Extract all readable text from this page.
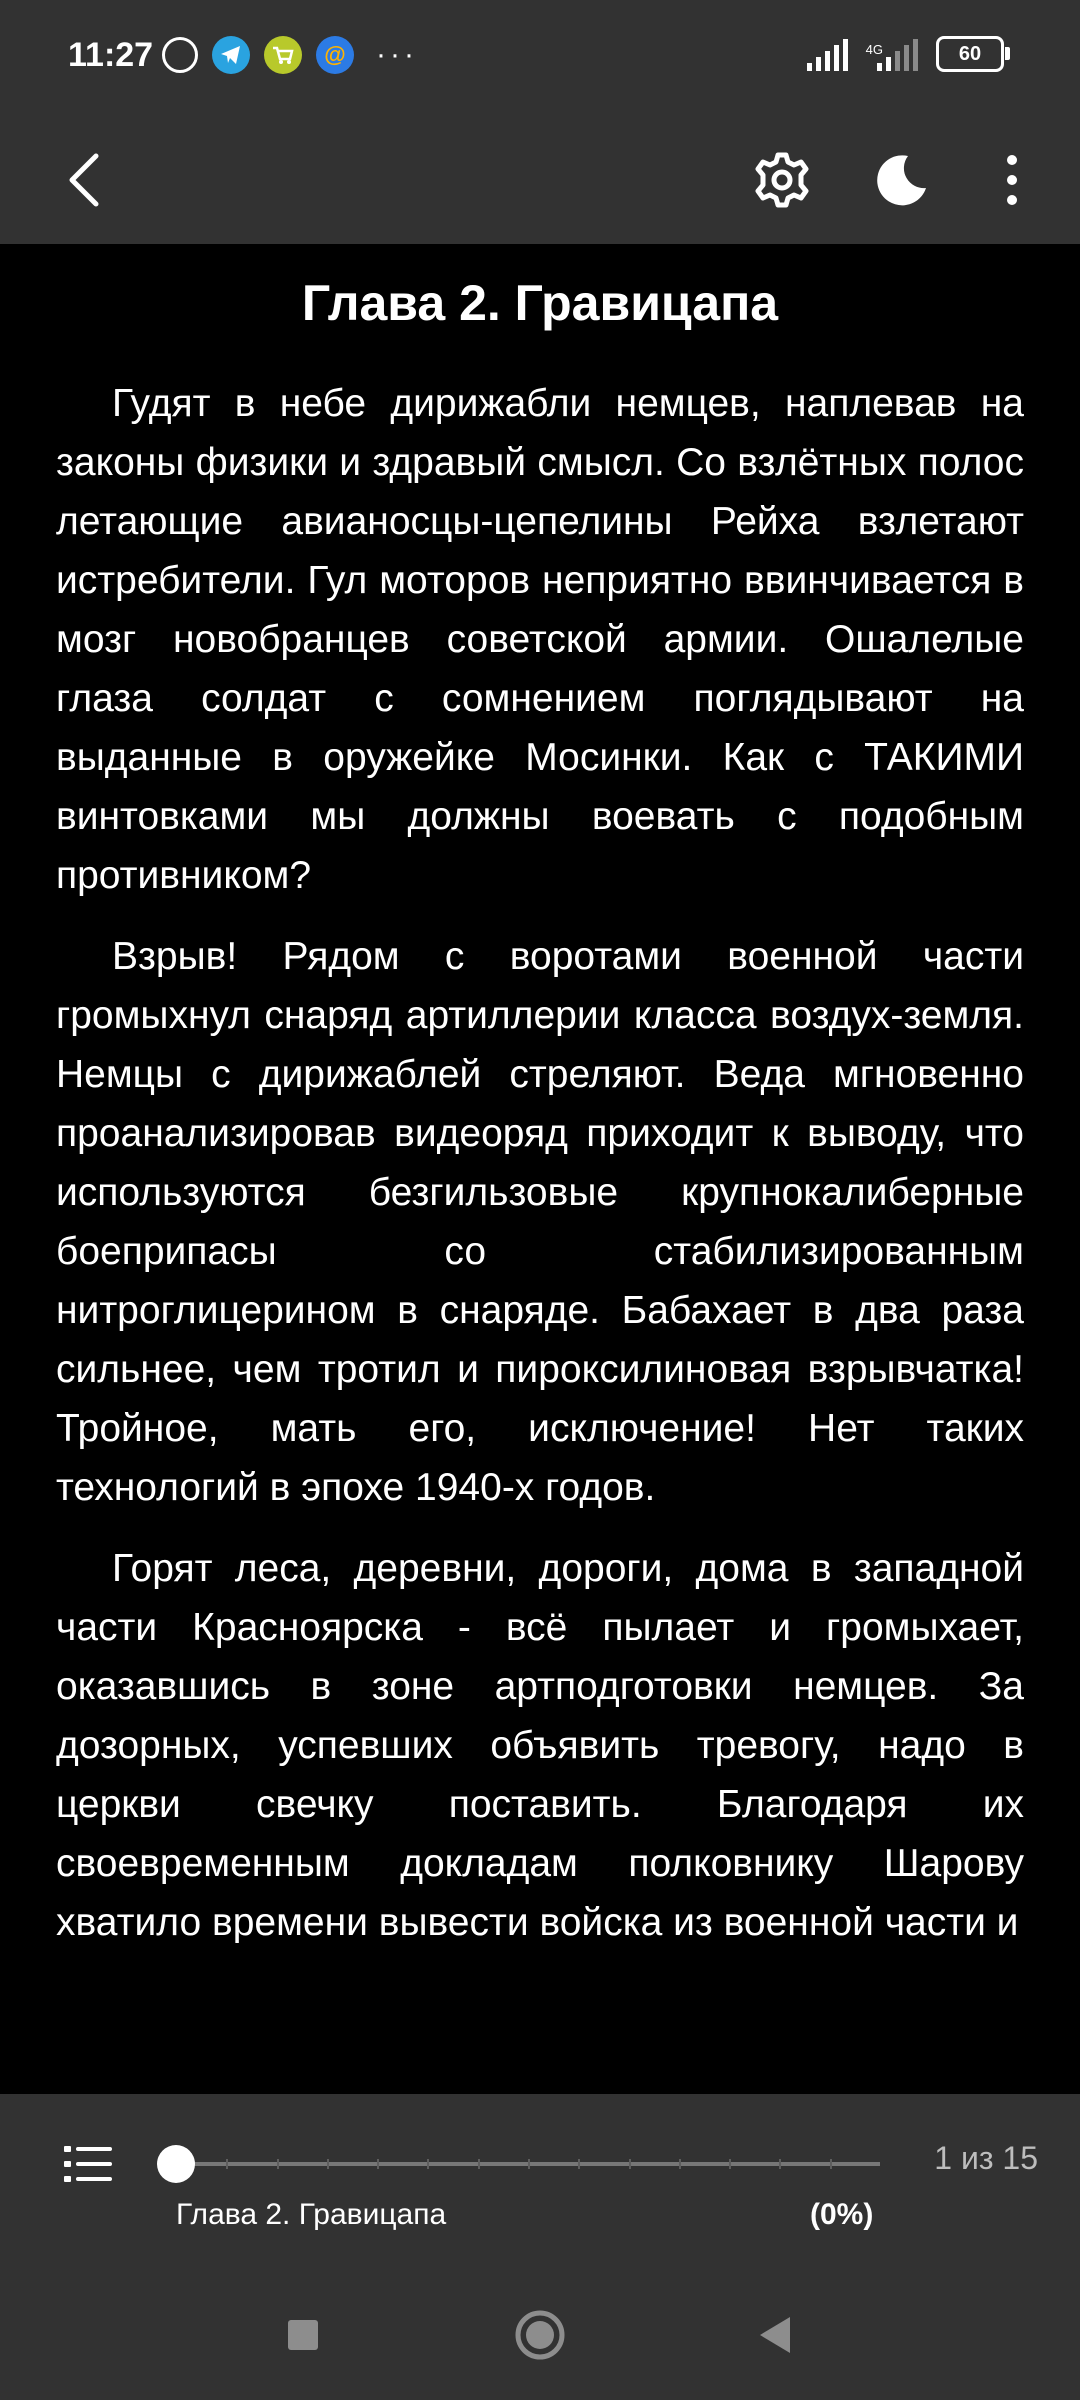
11:27	@ ···	4G	60
Глава 2. Гравицапа

Гудят в небе дирижабли немцев, наплевав на законы физики и здравый смысл. Со взлётных полос летающие авианосцы-цепелины Рейха взлетают истребители. Гул моторов неприятно ввинчивается в мозг новобранцев советской армии. Ошалелые глаза солдат с сомнением поглядывают на выданные в оружейке Мосинки. Как с ТАКИМИ винтовками мы должны воевать с подобным противником?

Взрыв! Рядом с воротами военной части громыхнул снаряд артиллерии класса воздух-земля. Немцы с дирижаблей стреляют. Веда мгновенно проанализировав видеоряд приходит к выводу, что используются безгильзовые крупнокалиберные боеприпасы со стабилизированным нитроглицерином в снаряде. Бабахает в два раза сильнее, чем тротил и пироксилиновая взрывчатка! Тройное, мать его, исключение! Нет таких технологий в эпохе 1940-х годов.

Горят леса, деревни, дороги, дома в западной части Красноярска - всё пылает и громыхает, оказавшись в зоне артподготовки немцев. За дозорных, успевших объявить тревогу, надо в церкви свечку поставить. Благодаря их своевременным докладам полковнику Шарову хватило времени вывести войска из военной части и

1 из 15
Глава 2. Гравицапа	(0%)
